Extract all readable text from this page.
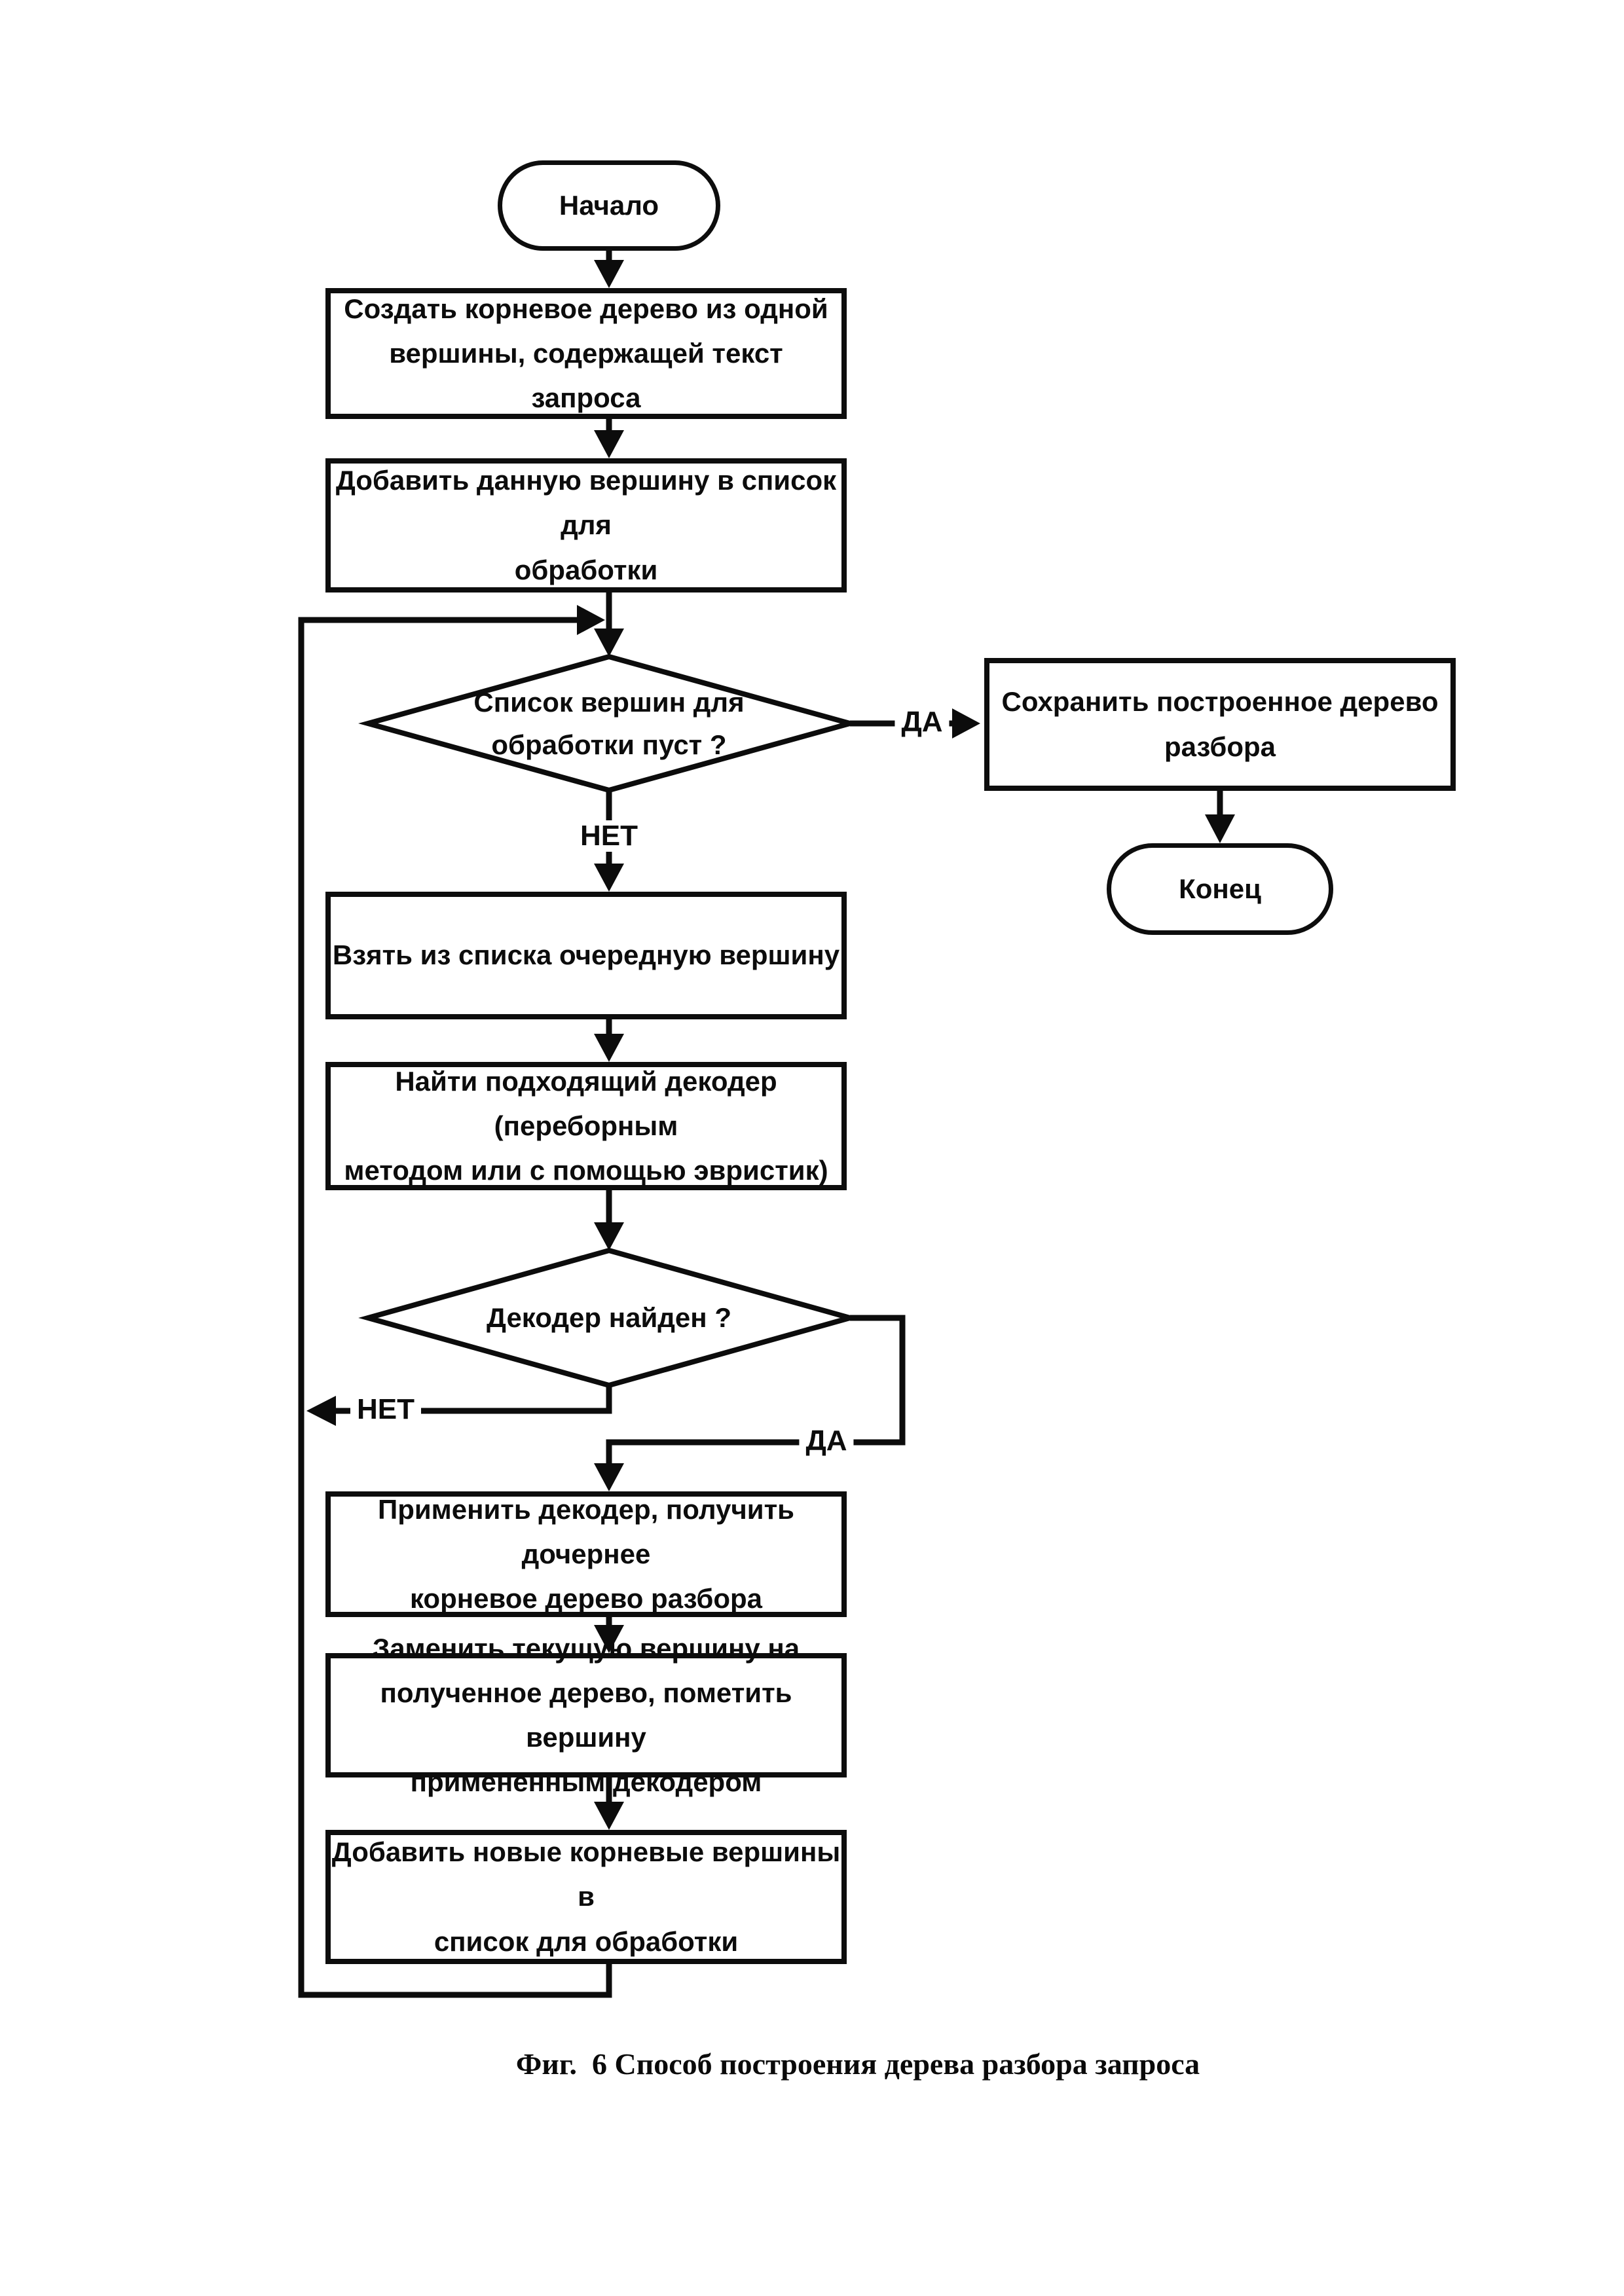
Начало
Создать корневое дерево из одной
вершины, содержащей текст запроса
Добавить данную вершину в список для
обработки
Список вершин для
обработки пуст ?
Сохранить построенное дерево разбора
Конец
Взять из списка очередную вершину
Найти подходящий декодер (переборным
методом или с помощью эвристик)
Декодер найден ?
Применить декодер, получить дочернее
корневое дерево разбора
Заменить текущую вершину на
полученное дерево, пометить вершину
примененным декодером
Добавить новые корневые вершины в
список для обработки
ДА
НЕТ
НЕТ
ДА
Фиг.  6 Способ построения дерева разбора запроса
